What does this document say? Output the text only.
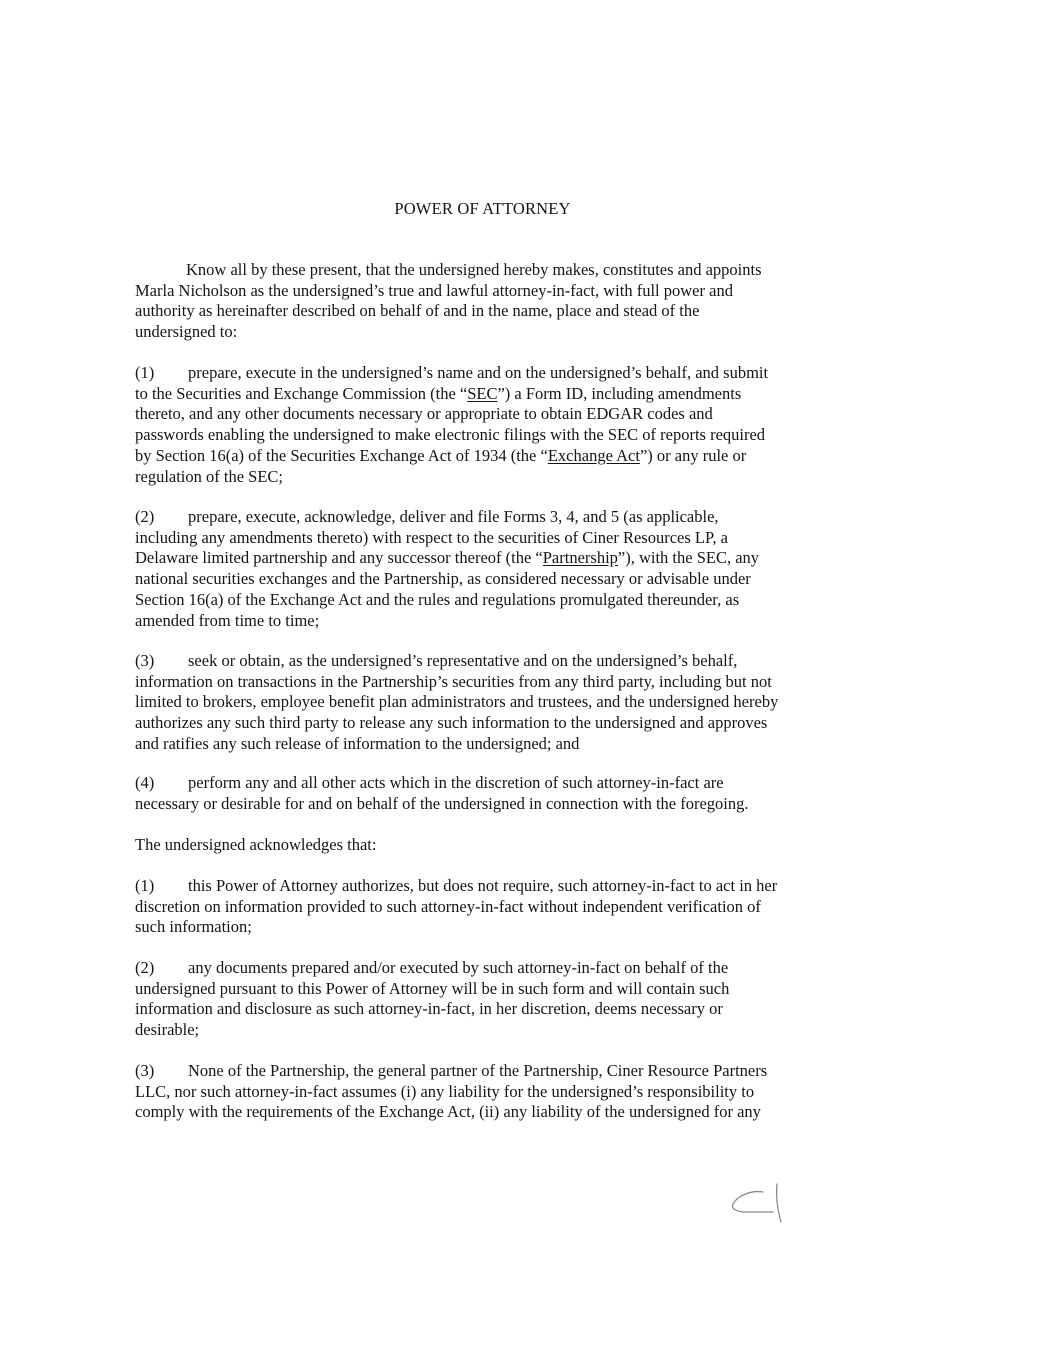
POWER OF ATTORNEY
Know all by these present, that the undersigned hereby makes, constitutes and appoints
Marla Nicholson as the undersigned’s true and lawful attorney-in-fact, with full power and
authority as hereinafter described on behalf of and in the name, place and stead of the
undersigned to:
(1) prepare, execute in the undersigned’s name and on the undersigned’s behalf, and submit
to the Securities and Exchange Commission (the “SEC”) a Form ID, including amendments
thereto, and any other documents necessary or appropriate to obtain EDGAR codes and
passwords enabling the undersigned to make electronic filings with the SEC of reports required
by Section 16(a) of the Securities Exchange Act of 1934 (the “Exchange Act”) or any rule or
regulation of the SEC;
(2) prepare, execute, acknowledge, deliver and file Forms 3, 4, and 5 (as applicable,
including any amendments thereto) with respect to the securities of Ciner Resources LP, a
Delaware limited partnership and any successor thereof (the “Partnership”), with the SEC, any
national securities exchanges and the Partnership, as considered necessary or advisable under
Section 16(a) of the Exchange Act and the rules and regulations promulgated thereunder, as
amended from time to time;
(3) seek or obtain, as the undersigned’s representative and on the undersigned’s behalf,
information on transactions in the Partnership’s securities from any third party, including but not
limited to brokers, employee benefit plan administrators and trustees, and the undersigned hereby
authorizes any such third party to release any such information to the undersigned and approves
and ratifies any such release of information to the undersigned; and
(4) perform any and all other acts which in the discretion of such attorney-in-fact are
necessary or desirable for and on behalf of the undersigned in connection with the foregoing.
The undersigned acknowledges that:
(1) this Power of Attorney authorizes, but does not require, such attorney-in-fact to act in her
discretion on information provided to such attorney-in-fact without independent verification of
such information;
(2) any documents prepared and/or executed by such attorney-in-fact on behalf of the
undersigned pursuant to this Power of Attorney will be in such form and will contain such
information and disclosure as such attorney-in-fact, in her discretion, deems necessary or
desirable;
(3) None of the Partnership, the general partner of the Partnership, Ciner Resource Partners
LLC, nor such attorney-in-fact assumes (i) any liability for the undersigned’s responsibility to
comply with the requirements of the Exchange Act, (ii) any liability of the undersigned for any
